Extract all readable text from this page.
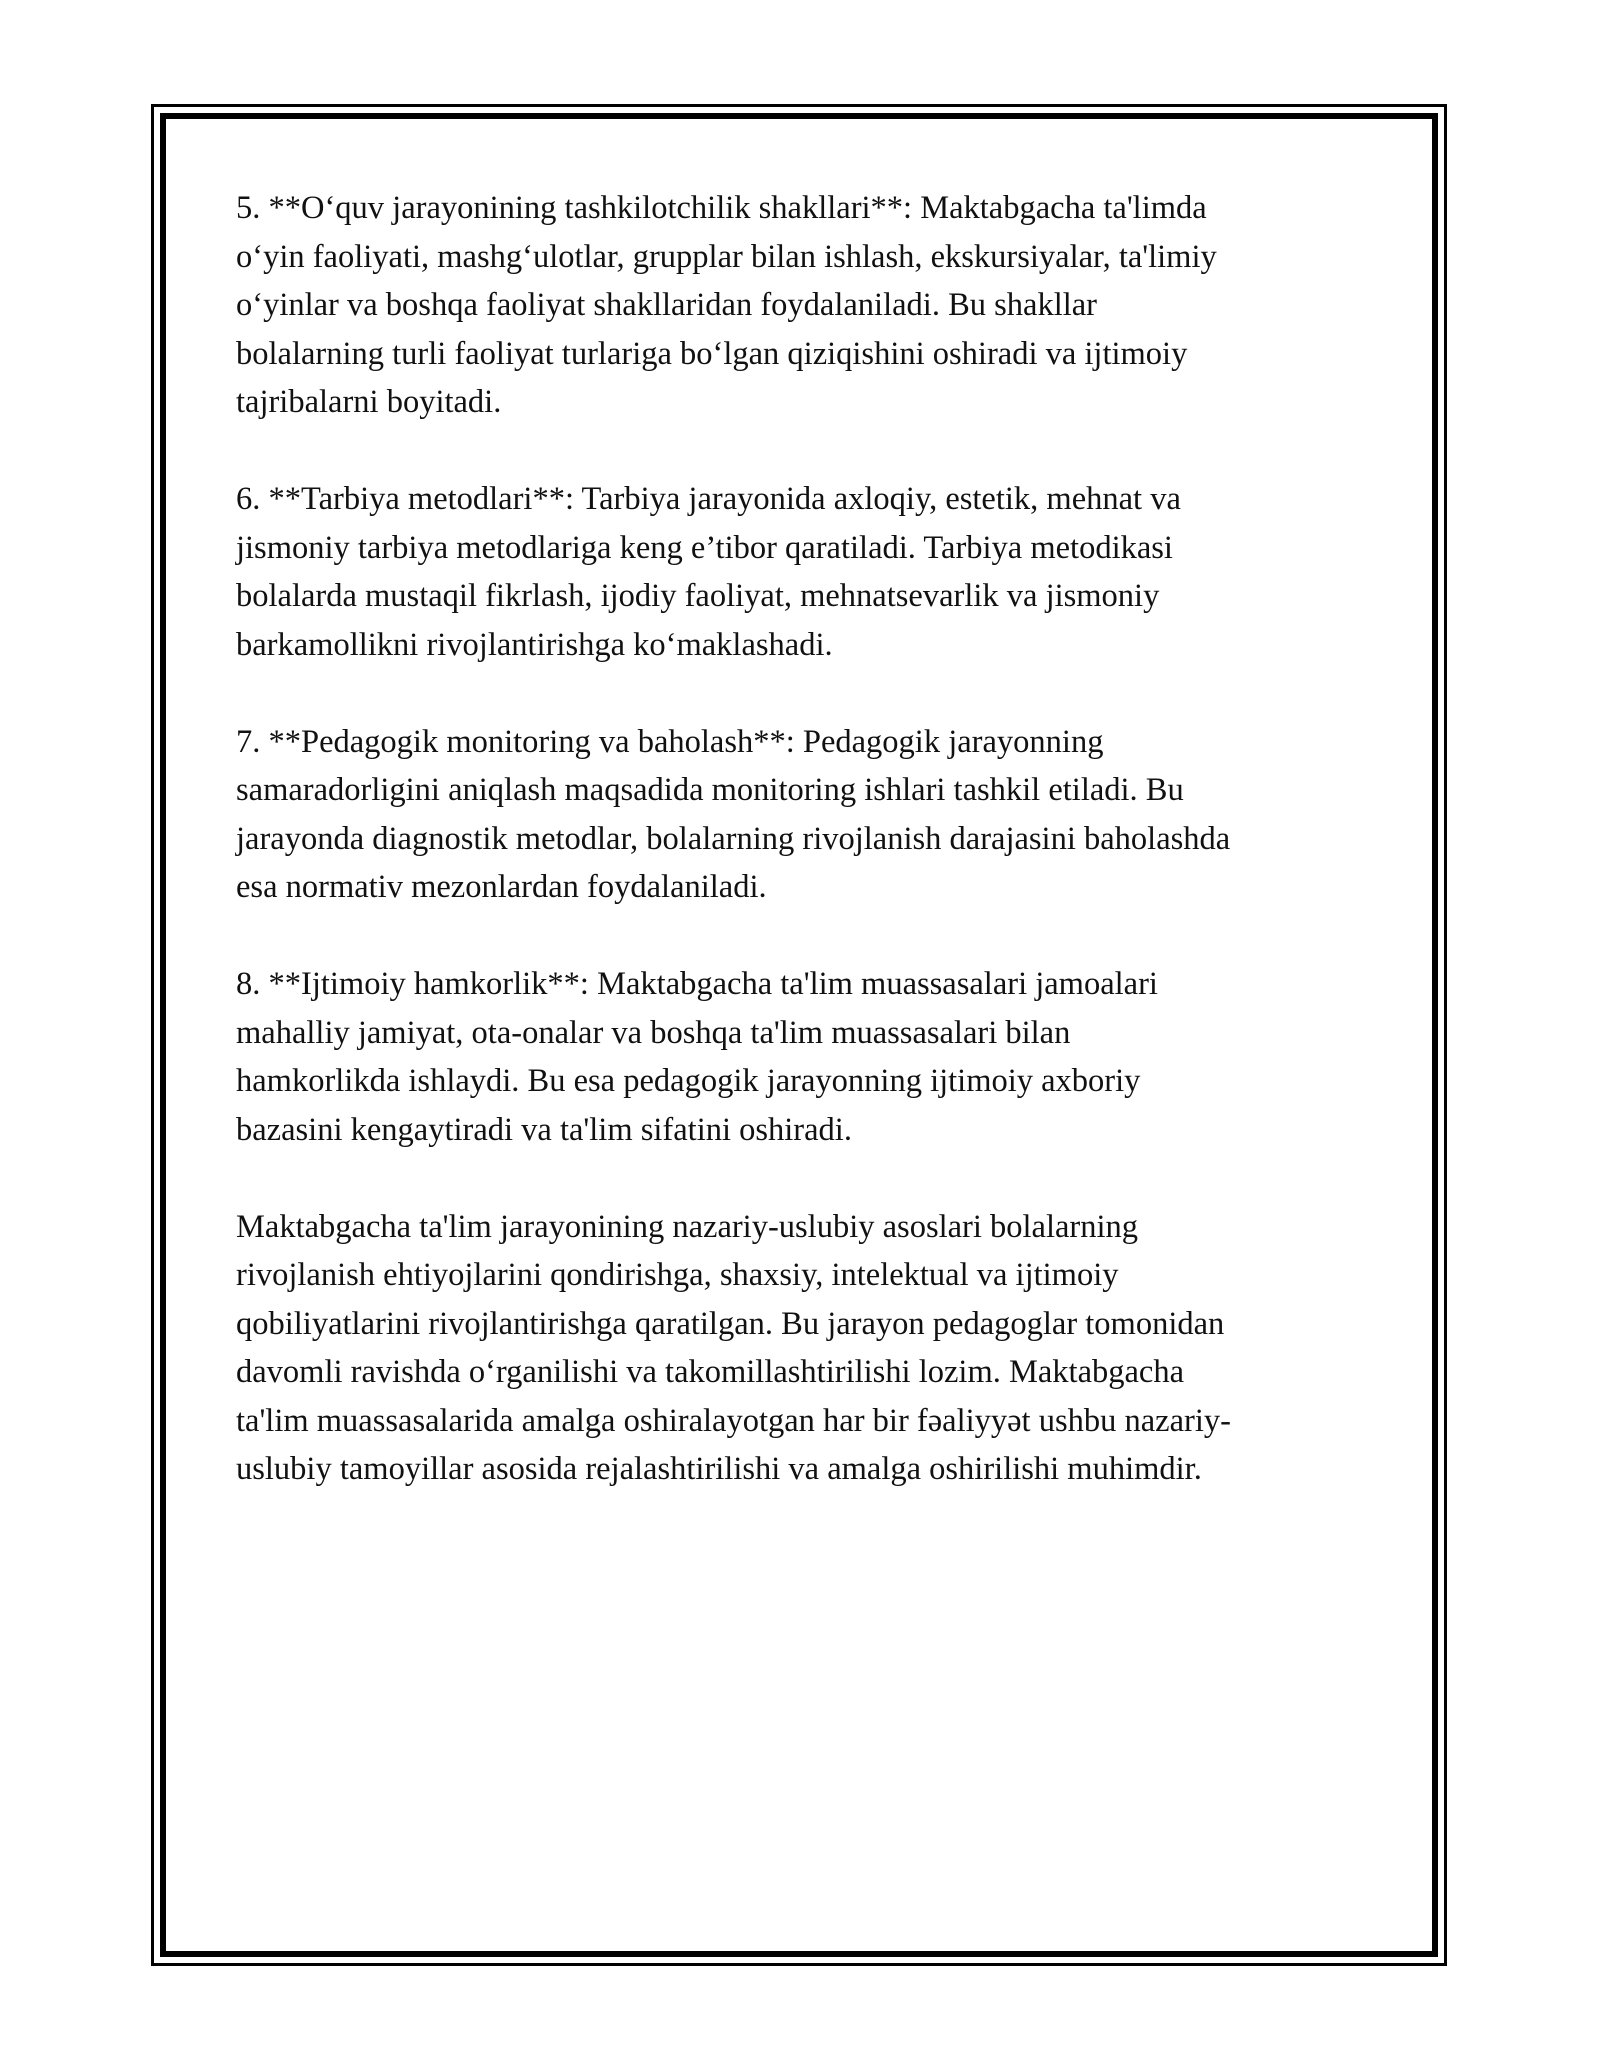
5. **O‘quv jarayonining tashkilotchilik shakllari**: Maktabgacha ta'limda
o‘yin faoliyati, mashg‘ulotlar, grupplar bilan ishlash, ekskursiyalar, ta'limiy
o‘yinlar va boshqa faoliyat shakllaridan foydalaniladi. Bu shakllar
bolalarning turli faoliyat turlariga bo‘lgan qiziqishini oshiradi va ijtimoiy
tajribalarni boyitadi.

6. **Tarbiya metodlari**: Tarbiya jarayonida axloqiy, estetik, mehnat va
jismoniy tarbiya metodlariga keng e’tibor qaratiladi. Tarbiya metodikasi
bolalarda mustaqil fikrlash, ijodiy faoliyat, mehnatsevarlik va jismoniy
barkamollikni rivojlantirishga ko‘maklashadi.

7. **Pedagogik monitoring va baholash**: Pedagogik jarayonning
samaradorligini aniqlash maqsadida monitoring ishlari tashkil etiladi. Bu
jarayonda diagnostik metodlar, bolalarning rivojlanish darajasini baholashda
esa normativ mezonlardan foydalaniladi.

8. **Ijtimoiy hamkorlik**: Maktabgacha ta'lim muassasalari jamoalari
mahalliy jamiyat, ota-onalar va boshqa ta'lim muassasalari bilan
hamkorlikda ishlaydi. Bu esa pedagogik jarayonning ijtimoiy axboriy
bazasini kengaytiradi va ta'lim sifatini oshiradi.

Maktabgacha ta'lim jarayonining nazariy-uslubiy asoslari bolalarning
rivojlanish ehtiyojlarini qondirishga, shaxsiy, intelektual va ijtimoiy
qobiliyatlarini rivojlantirishga qaratilgan. Bu jarayon pedagoglar tomonidan
davomli ravishda o‘rganilishi va takomillashtirilishi lozim. Maktabgacha
ta'lim muassasalarida amalga oshiralayotgan har bir fəaliyyət ushbu nazariy-
uslubiy tamoyillar asosida rejalashtirilishi va amalga oshirilishi muhimdir.
